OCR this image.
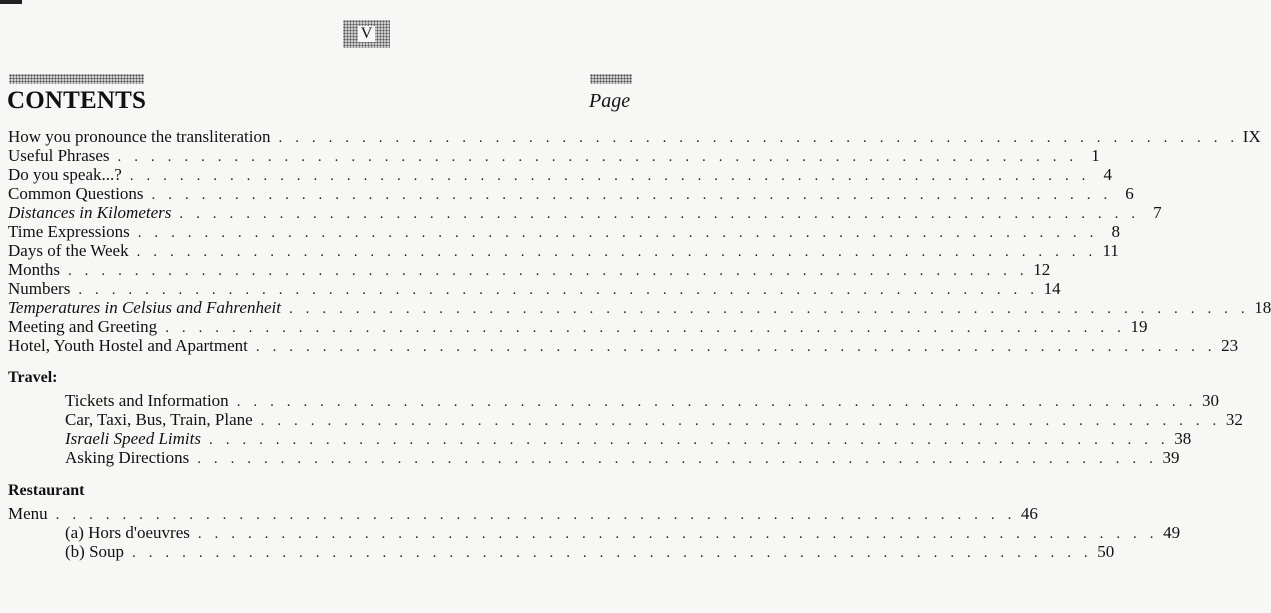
V
CONTENTS	Page
How you pronounce the transliteration . . . . . . . . . . . . . . . . . . . . . . . . . . . . . . . . . . . . . . . . . . . . . . . . . . . . . . . . . . IX
Useful Phrases . . . . . . . . . . . . . . . . . . . . . . . . . . . . . . . . . . . . . . . . . . . . . . . . . . . . . . . . . . 1
Do you speak...? . . . . . . . . . . . . . . . . . . . . . . . . . . . . . . . . . . . . . . . . . . . . . . . . . . . . . . . . . . 4
Common Questions . . . . . . . . . . . . . . . . . . . . . . . . . . . . . . . . . . . . . . . . . . . . . . . . . . . . . . . . . . 6
Distances in Kilometers . . . . . . . . . . . . . . . . . . . . . . . . . . . . . . . . . . . . . . . . . . . . . . . . . . . . . . . . . . 7
Time Expressions . . . . . . . . . . . . . . . . . . . . . . . . . . . . . . . . . . . . . . . . . . . . . . . . . . . . . . . . . . 8
Days of the Week . . . . . . . . . . . . . . . . . . . . . . . . . . . . . . . . . . . . . . . . . . . . . . . . . . . . . . . . . . 11
Months . . . . . . . . . . . . . . . . . . . . . . . . . . . . . . . . . . . . . . . . . . . . . . . . . . . . . . . . . . 12
Numbers . . . . . . . . . . . . . . . . . . . . . . . . . . . . . . . . . . . . . . . . . . . . . . . . . . . . . . . . . . 14
Temperatures in Celsius and Fahrenheit . . . . . . . . . . . . . . . . . . . . . . . . . . . . . . . . . . . . . . . . . . . . . . . . . . . . . . . . . . 18
Meeting and Greeting . . . . . . . . . . . . . . . . . . . . . . . . . . . . . . . . . . . . . . . . . . . . . . . . . . . . . . . . . . 19
Hotel, Youth Hostel and Apartment . . . . . . . . . . . . . . . . . . . . . . . . . . . . . . . . . . . . . . . . . . . . . . . . . . . . . . . . . . 23
Travel:
Tickets and Information . . . . . . . . . . . . . . . . . . . . . . . . . . . . . . . . . . . . . . . . . . . . . . . . . . . . . . . . . . 30
Car, Taxi, Bus, Train, Plane . . . . . . . . . . . . . . . . . . . . . . . . . . . . . . . . . . . . . . . . . . . . . . . . . . . . . . . . . . 32
Israeli Speed Limits . . . . . . . . . . . . . . . . . . . . . . . . . . . . . . . . . . . . . . . . . . . . . . . . . . . . . . . . . . 38
Asking Directions . . . . . . . . . . . . . . . . . . . . . . . . . . . . . . . . . . . . . . . . . . . . . . . . . . . . . . . . . . 39
Restaurant
Menu . . . . . . . . . . . . . . . . . . . . . . . . . . . . . . . . . . . . . . . . . . . . . . . . . . . . . . . . . . 46
(a) Hors d'oeuvres . . . . . . . . . . . . . . . . . . . . . . . . . . . . . . . . . . . . . . . . . . . . . . . . . . . . . . . . . . 49
(b) Soup . . . . . . . . . . . . . . . . . . . . . . . . . . . . . . . . . . . . . . . . . . . . . . . . . . . . . . . . . . 50
